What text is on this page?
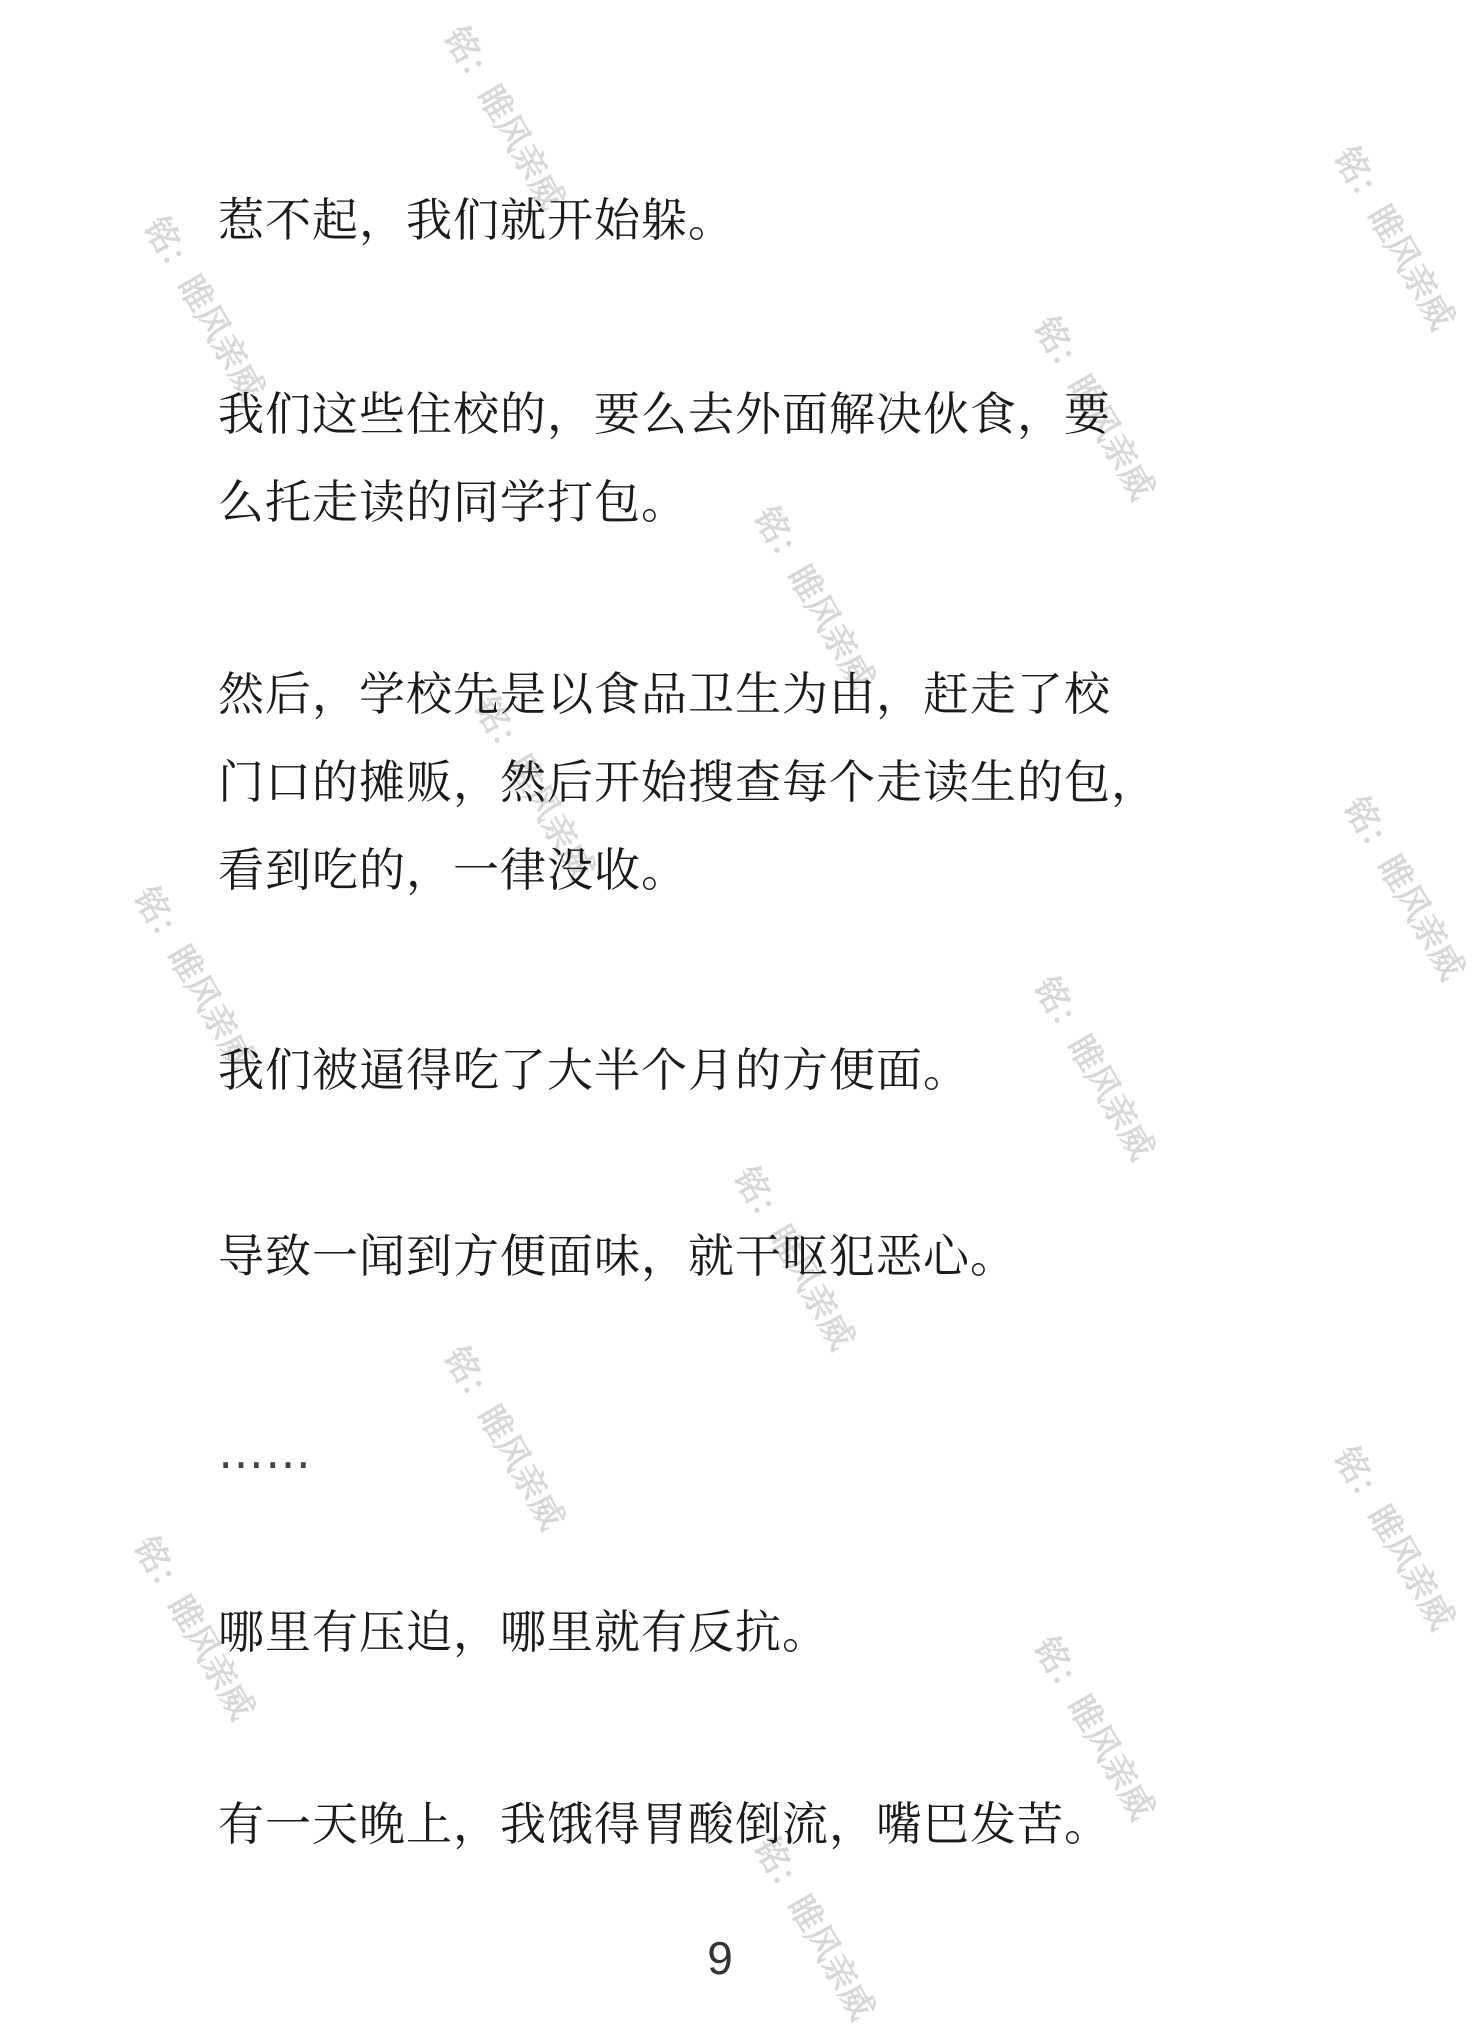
铭：睢风亲威
铭：睢风亲威
铭：睢风亲威
铭：睢风亲威
铭：睢风亲威
铭：睢风亲威
铭：睢风亲威
铭：睢风亲威	铭：睢风亲威
铭：睢风亲威
铭：睢风亲威
铭：睢风亲威
铭：睢风亲威
铭：睢风亲威
铭：睢风亲威
惹不起，我们就开始躲。
我们这些住校的，要么去外面解决伙食，要
么托走读的同学打包。
然后，学校先是以食品卫生为由，赶走了校
门口的摊贩，然后开始搜查每个走读生的包，
看到吃的，一律没收。
我们被逼得吃了大半个月的方便面。
导致一闻到方便面味，就干呕犯恶心。
……
哪里有压迫，哪里就有反抗。
有一天晚上，我饿得胃酸倒流，嘴巴发苦。
9
